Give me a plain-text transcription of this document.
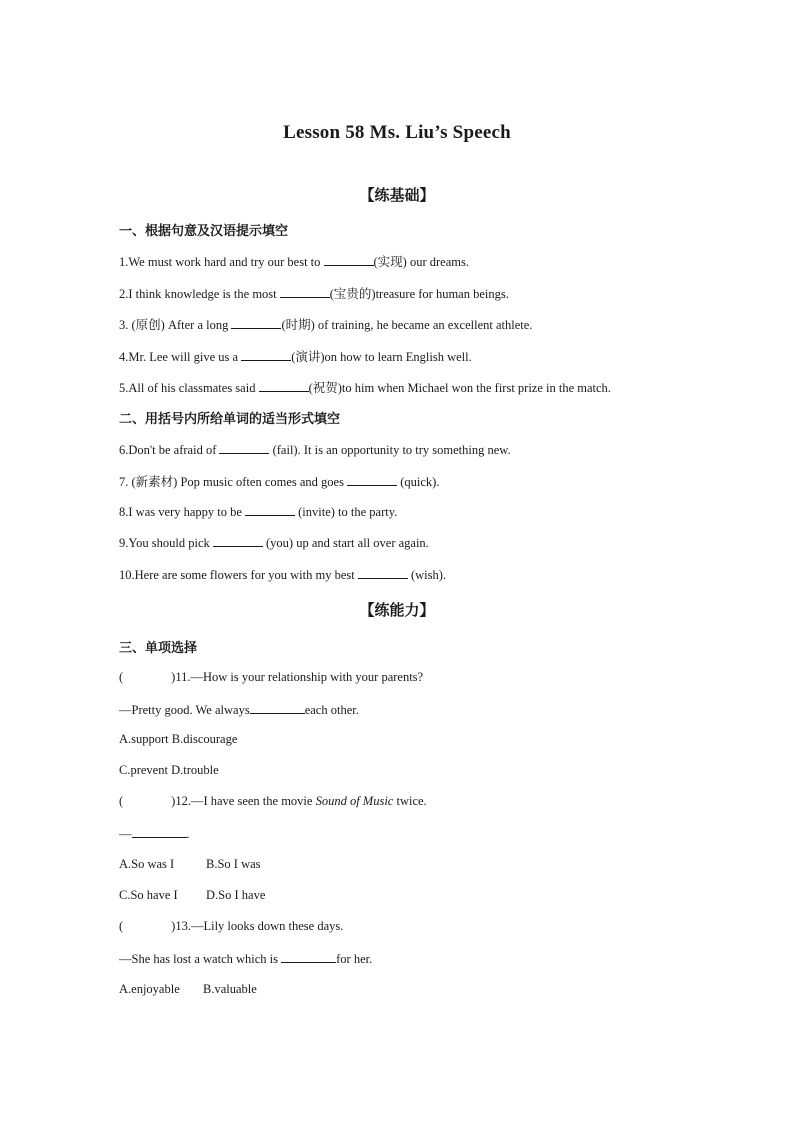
Lesson 58 Ms. Liu’s Speech
【练基础】
一、根据句意及汉语提示填空
1.We must work hard and try our best to	(实现) our dreams.
2.I think knowledge is the most	(宝贵的)treasure for human beings.
3. (原创) After a long	(时期) of training, he became an excellent athlete.
4.Mr. Lee will give us a	(演讲)on how to learn English well.
5.All of his classmates said	(祝贺)to him when Michael won the first prize in the match.
二、用括号内所给单词的适当形式填空
6.Don't be afraid of	(fail). It is an opportunity to try something new.
7. (新素材) Pop music often comes and goes	(quick).
8.I was very happy to be	(invite) to the party.
9.You should pick	(you) up and start all over again.
10.Here are some flowers for you with my best	(wish).
【练能力】
三、单项选择
(	)11.—How is your relationship with your parents?
—Pretty good. We always	each other.
A.support B.discourage
C.prevent D.trouble
(	)12.—I have seen the movie Sound of Music twice.
—	.
A.So was I	B.So I was
C.So have I D.So I have
(	)13.—Lily looks down these days.
—She has lost a watch which is	for her.
A.enjoyable B.valuable
